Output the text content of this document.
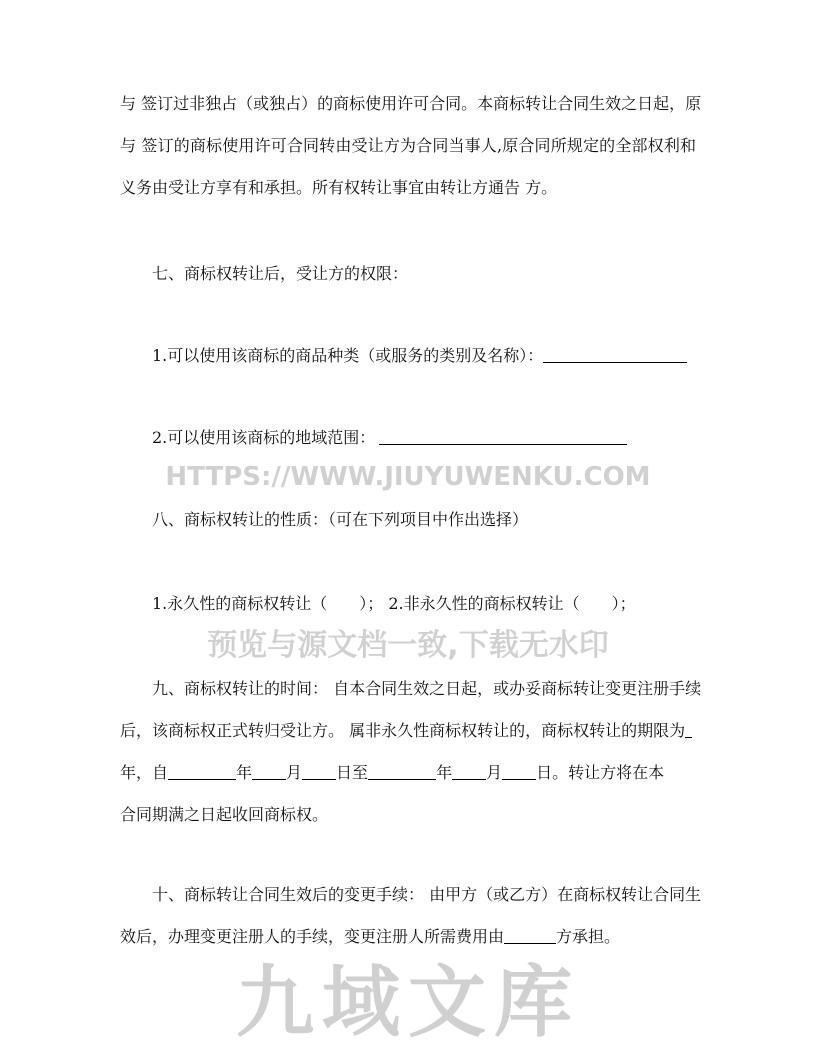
九域文库
HTTPS://WWW.JIUYUWENKU.COM
预览与源文档一致,下载无水印
与 签订过非独占（或独占）的商标使用许可合同。本商标转让合同生效之日起，原
与 签订的商标使用许可合同转由受让方为合同当事人,原合同所规定的全部权利和
义务由受让方享有和承担。所有权转让事宜由转让方通告 方。
七、商标权转让后，受让方的权限：
1.可以使用该商标的商品种类（或服务的类别及名称）：
2.可以使用该商标的地域范围：
八、商标权转让的性质：（可在下列项目中作出选择）
1.永久性的商标权转让（　　）； 2.非永久性的商标权转让（　　）；
九、商标权转让的时间： 自本合同生效之日起，或办妥商标转让变更注册手续
后，该商标权正式转归受让方。 属非永久性商标权转让的，商标权转让的期限为
年，自	年 月 日至	年 月 日。转让方将在本
合同期满之日起收回商标权。
十、商标转让合同生效后的变更手续： 由甲方（或乙方）在商标权转让合同生
效后，办理变更注册人的手续，变更注册人所需费用由	方承担。
